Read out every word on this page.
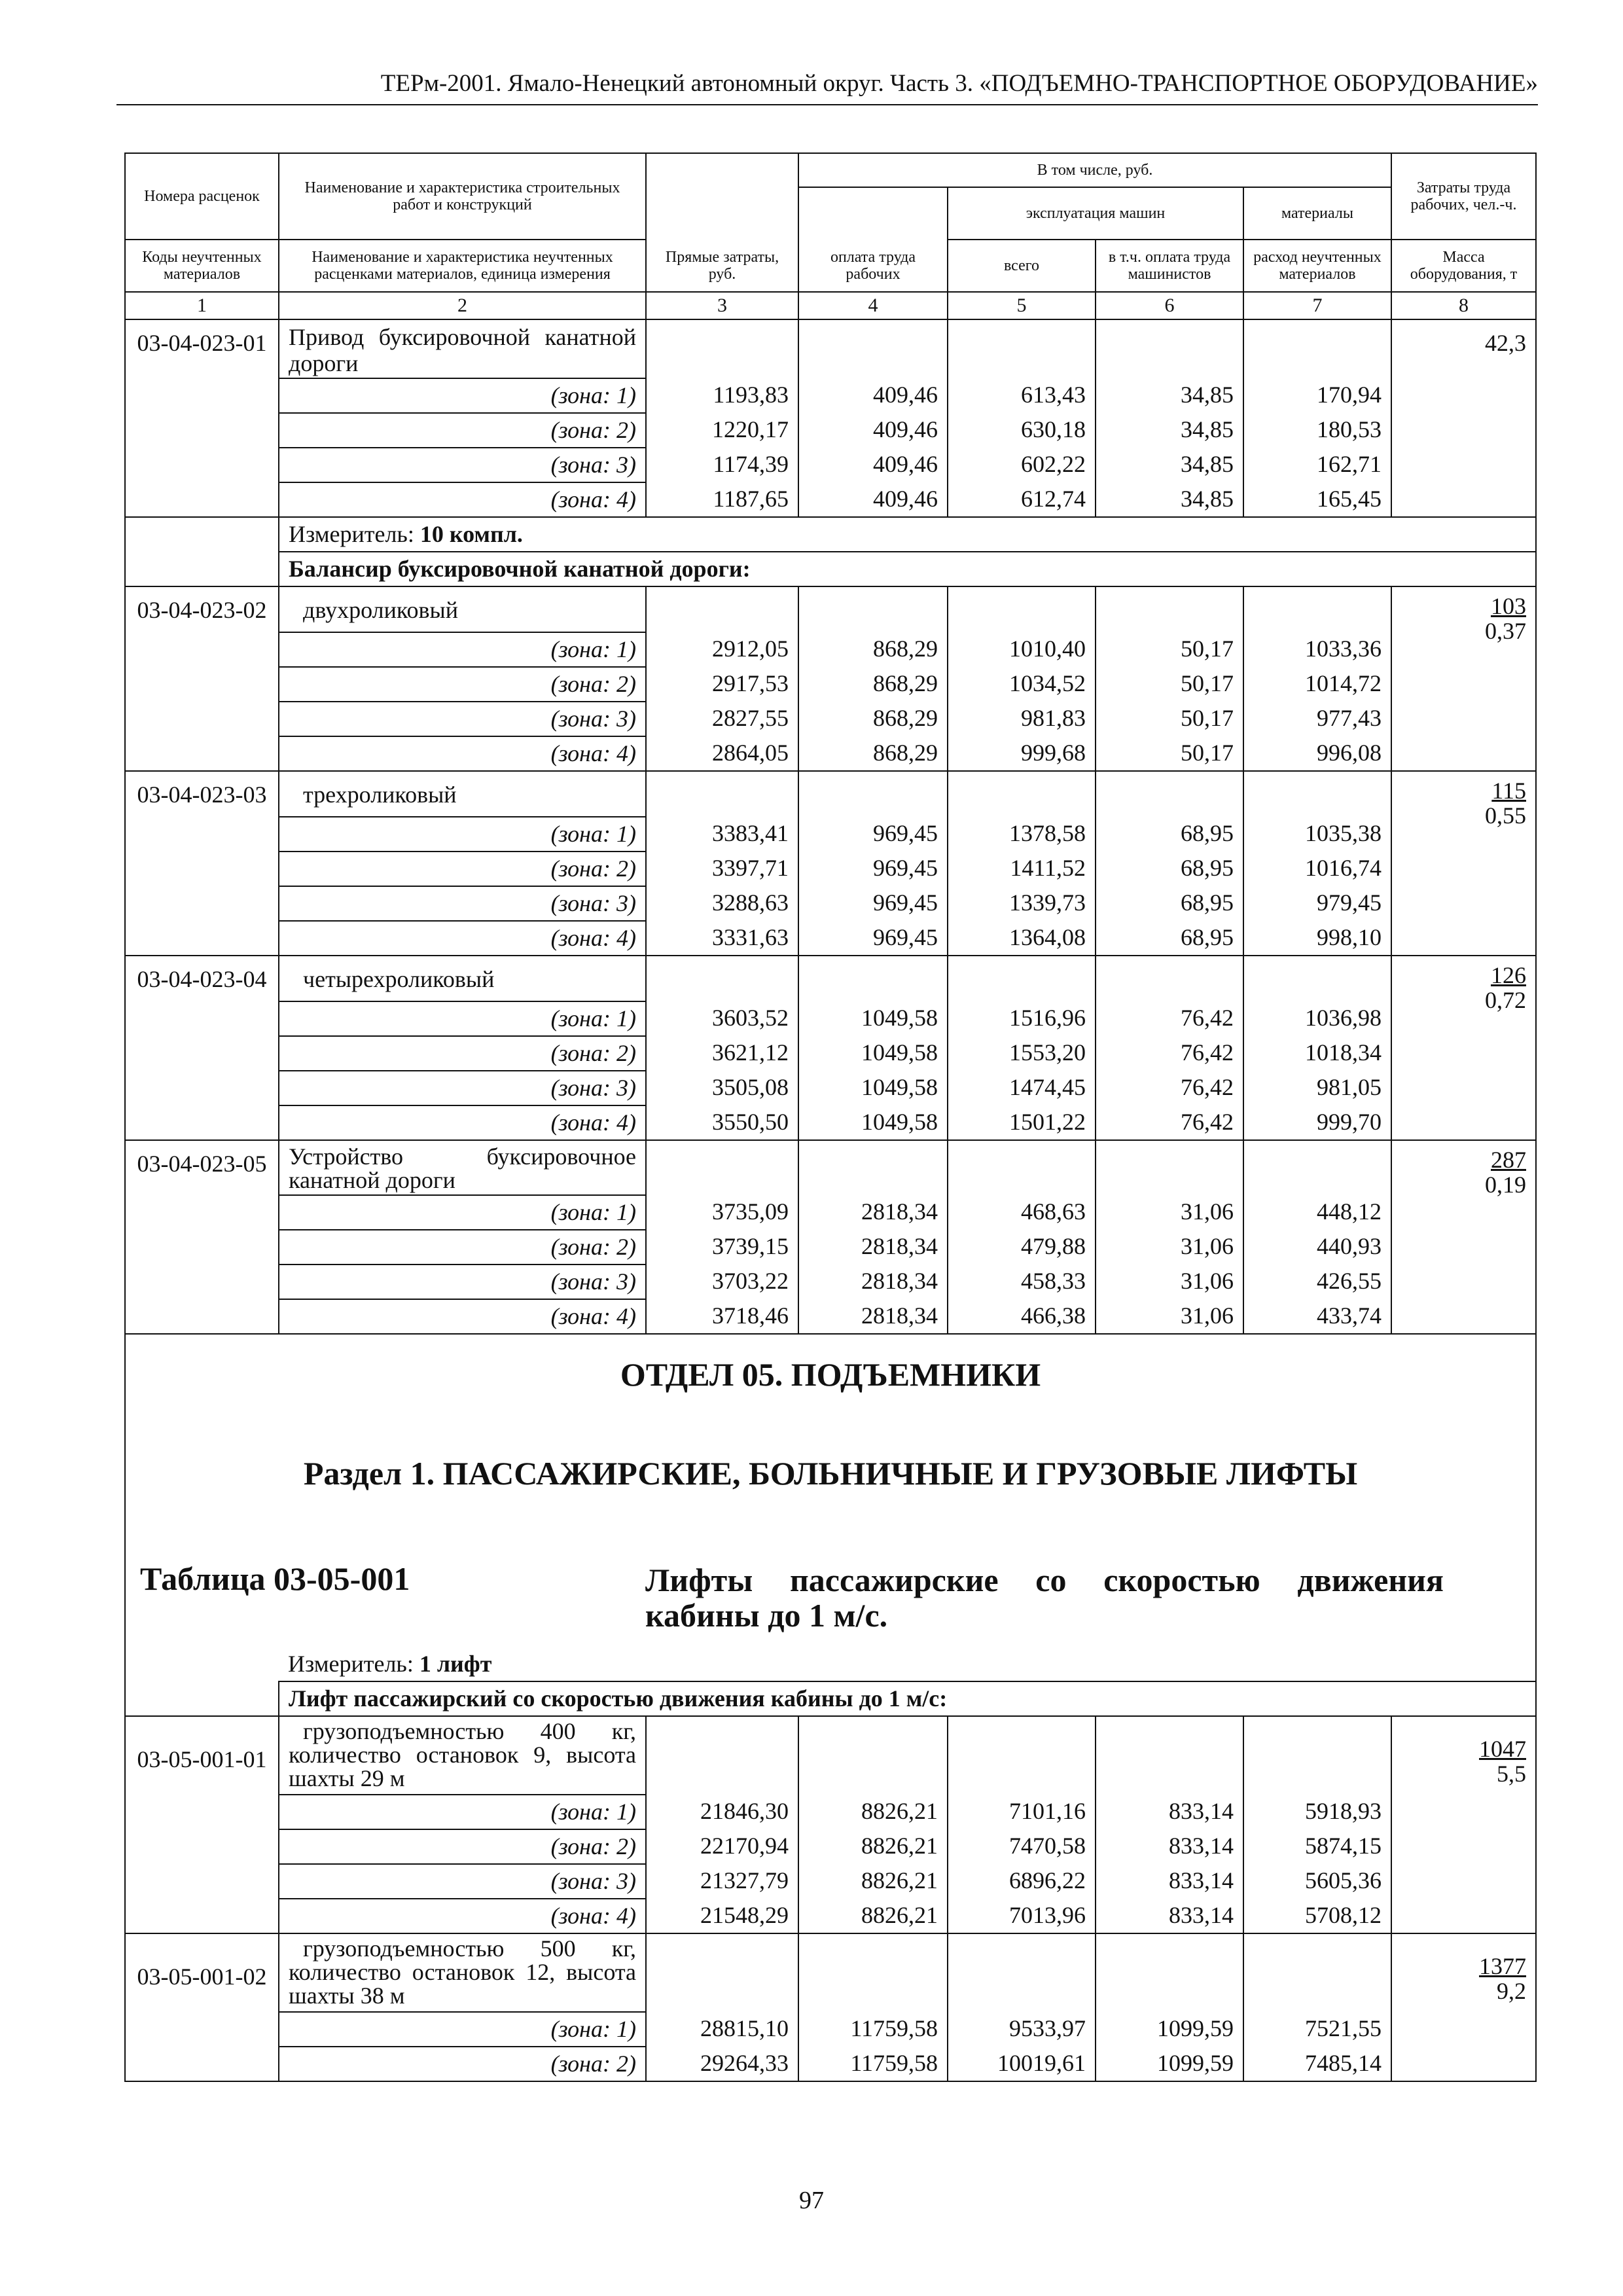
ТЕРм-2001. Ямало-Ненецкий автономный округ. Часть 3. «ПОДЪЕМНО-ТРАНСПОРТНОЕ ОБОРУДОВАНИЕ»
Номера расценок	Наименование и характеристика строительных работ и конструкций		В том числе, руб.				Затраты труда рабочих, чел.-ч.
				эксплуатация машин		материалы	
Коды неучтенных материалов	Наименование и характеристика неучтенных расценками материалов, единица измерения	Прямые затраты, руб.	оплата труда рабочих	всего	в т.ч. оплата труда машинистов	расход неучтенных материалов	Масса оборудования, т
1	2	3	4	5	6	7	8
03-04-023-01	Привод буксировочной канатной дороги						42,3
	(зона: 1)	1193,83	409,46	613,43	34,85	170,94	
	(зона: 2)	1220,17	409,46	630,18	34,85	180,53	
	(зона: 3)	1174,39	409,46	602,22	34,85	162,71	
	(зона: 4)	1187,65	409,46	612,74	34,85	165,45	
	Измеритель: 10 компл.						
	Балансир буксировочной канатной дороги:						
03-04-023-02	двухроликовый						103
0,37
	(зона: 1)	2912,05	868,29	1010,40	50,17	1033,36	
	(зона: 2)	2917,53	868,29	1034,52	50,17	1014,72	
	(зона: 3)	2827,55	868,29	981,83	50,17	977,43	
	(зона: 4)	2864,05	868,29	999,68	50,17	996,08	
03-04-023-03	трехроликовый						115
0,55
	(зона: 1)	3383,41	969,45	1378,58	68,95	1035,38	
	(зона: 2)	3397,71	969,45	1411,52	68,95	1016,74	
	(зона: 3)	3288,63	969,45	1339,73	68,95	979,45	
	(зона: 4)	3331,63	969,45	1364,08	68,95	998,10	
03-04-023-04	четырехроликовый						126
0,72
	(зона: 1)	3603,52	1049,58	1516,96	76,42	1036,98	
	(зона: 2)	3621,12	1049,58	1553,20	76,42	1018,34	
	(зона: 3)	3505,08	1049,58	1474,45	76,42	981,05	
	(зона: 4)	3550,50	1049,58	1501,22	76,42	999,70	
03-04-023-05	Устройство буксировочное канатной дороги						287
0,19
	(зона: 1)	3735,09	2818,34	468,63	31,06	448,12	
	(зона: 2)	3739,15	2818,34	479,88	31,06	440,93	
	(зона: 3)	3703,22	2818,34	458,33	31,06	426,55	
	(зона: 4)	3718,46	2818,34	466,38	31,06	433,74	

ОТДЕЛ 05. ПОДЪЕМНИКИ
Раздел 1. ПАССАЖИРСКИЕ, БОЛЬНИЧНЫЕ И ГРУЗОВЫЕ ЛИФТЫ
Таблица 03-05-001 Лифты пассажирские со скоростью движения кабины до 1 м/с.							

	Измеритель: 1 лифт						
	Лифт пассажирский со скоростью движения кабины до 1 м/с:						
03-05-001-01	грузоподъемностью 400 кг, количество остановок 9, высота шахты 29 м						1047
5,5
	(зона: 1)	21846,30	8826,21	7101,16	833,14	5918,93	
	(зона: 2)	22170,94	8826,21	7470,58	833,14	5874,15	
	(зона: 3)	21327,79	8826,21	6896,22	833,14	5605,36	
	(зона: 4)	21548,29	8826,21	7013,96	833,14	5708,12	
03-05-001-02	грузоподъемностью 500 кг, количество остановок 12, высота шахты 38 м						1377
9,2
	(зона: 1)	28815,10	11759,58	9533,97	1099,59	7521,55	
	(зона: 2)	29264,33	11759,58	10019,61	1099,59	7485,14	
97
